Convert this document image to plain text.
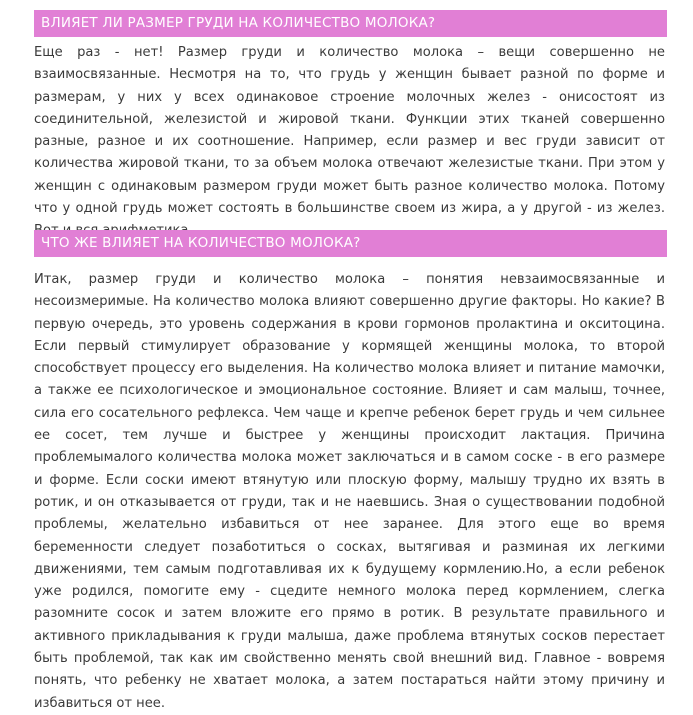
ВЛИЯЕТ ЛИ РАЗМЕР ГРУДИ НА КОЛИЧЕСТВО МОЛОКА?

Еще раз - нет! Размер груди и количество молока – вещи совершенно не взаимосвязанные. Несмотря на то, что грудь у женщин бывает разной по форме и размерам, у них у всех одинаковое строение молочных желез - онисостоят из соединительной, железистой и жировой ткани. Функции этих тканей совершенно разные, разное и их соотношение. Например, если размер и вес груди зависит от количества жировой ткани, то за объем молока отвечают железистые ткани. При этом у женщин с одинаковым размером груди может быть разное количество молока. Потому что у одной грудь может состоять в большинстве своем из жира, а у другой - из желез.

ЧТО ЖЕ ВЛИЯЕТ НА КОЛИЧЕСТВО МОЛОКА?

Итак, размер груди и количество молока – понятия невзаимосвязанные и несоизмеримые. На количество молока влияют совершенно другие факторы. Но какие? В первую очередь, это уровень содержания в крови гормонов пролактина и окситоцина. Если первый стимулирует образование у кормящей женщины молока, то второй способствует процессу его выделения. На количество молока влияет и питание мамочки, а также ее психологическое и эмоциональное состояние. Влияет и сам малыш, точнее, сила его сосательного рефлекса. Чем чаще и крепче ребенок берет грудь и чем сильнее ее сосет, тем лучше и быстрее у женщины происходит лактация. Причина проблемымалого количества молока может заключаться и в самом соске - в его размере и форме. Если соски имеют втянутую или плоскую форму, малышу трудно их взять в ротик, и он отказывается от груди, так и не наевшись. Зная о существовании подобной проблемы, желательно избавиться от нее заранее. Для этого еще во время беременности следует позаботиться о сосках, вытягивая и разминая их легкими движениями, тем самым подготавливая их к будущему кормлению.Но, а если ребенок уже родился, помогите ему - сцедите немного молока перед кормлением, слегка разомните сосок и затем вложите его прямо в ротик. В результате правильного и активного прикладывания к груди малыша, даже проблема втянутых сосков перестает быть проблемой, так как им свойственно менять свой внешний вид. Главное - вовремя понять, что ребенку не хватает молока, а затем постараться найти этому причину и избавиться от нее.
